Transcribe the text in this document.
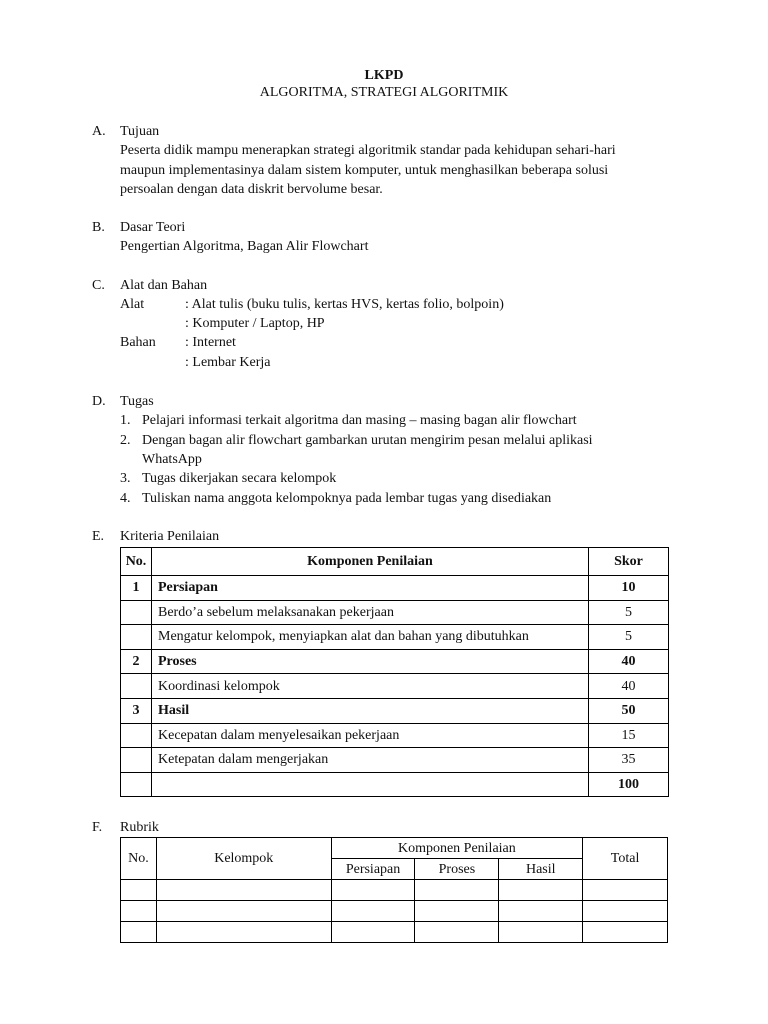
LKPD
ALGORITMA, STRATEGI ALGORITMIK
A. Tujuan
Peserta didik mampu menerapkan strategi algoritmik standar pada kehidupan sehari-hari
maupun implementasinya dalam sistem komputer, untuk menghasilkan beberapa solusi
persoalan dengan data diskrit bervolume besar.
B. Dasar Teori
Pengertian Algoritma, Bagan Alir Flowchart
C. Alat dan Bahan
Alat	: Alat tulis (buku tulis, kertas HVS, kertas folio, bolpoin)
: Komputer / Laptop, HP
Bahan : Internet
: Lembar Kerja
D. Tugas
1. Pelajari informasi terkait algoritma dan masing – masing bagan alir flowchart
2. Dengan bagan alir flowchart gambarkan urutan mengirim pesan melalui aplikasi
WhatsApp
3. Tugas dikerjakan secara kelompok
4. Tuliskan nama anggota kelompoknya pada lembar tugas yang disediakan
E. Kriteria Penilaian
No.	Komponen Penilaian	Skor
1	Persiapan	10
	Berdo’a sebelum melaksanakan pekerjaan	5
	Mengatur kelompok, menyiapkan alat dan bahan yang dibutuhkan	5
2	Proses	40
	Koordinasi kelompok	40
3	Hasil	50
	Kecepatan dalam menyelesaikan pekerjaan	15
	Ketepatan dalam mengerjakan	35
		100
F. Rubrik
No.	Kelompok	Komponen Penilaian			Total
		Persiapan	Proses	Hasil	
